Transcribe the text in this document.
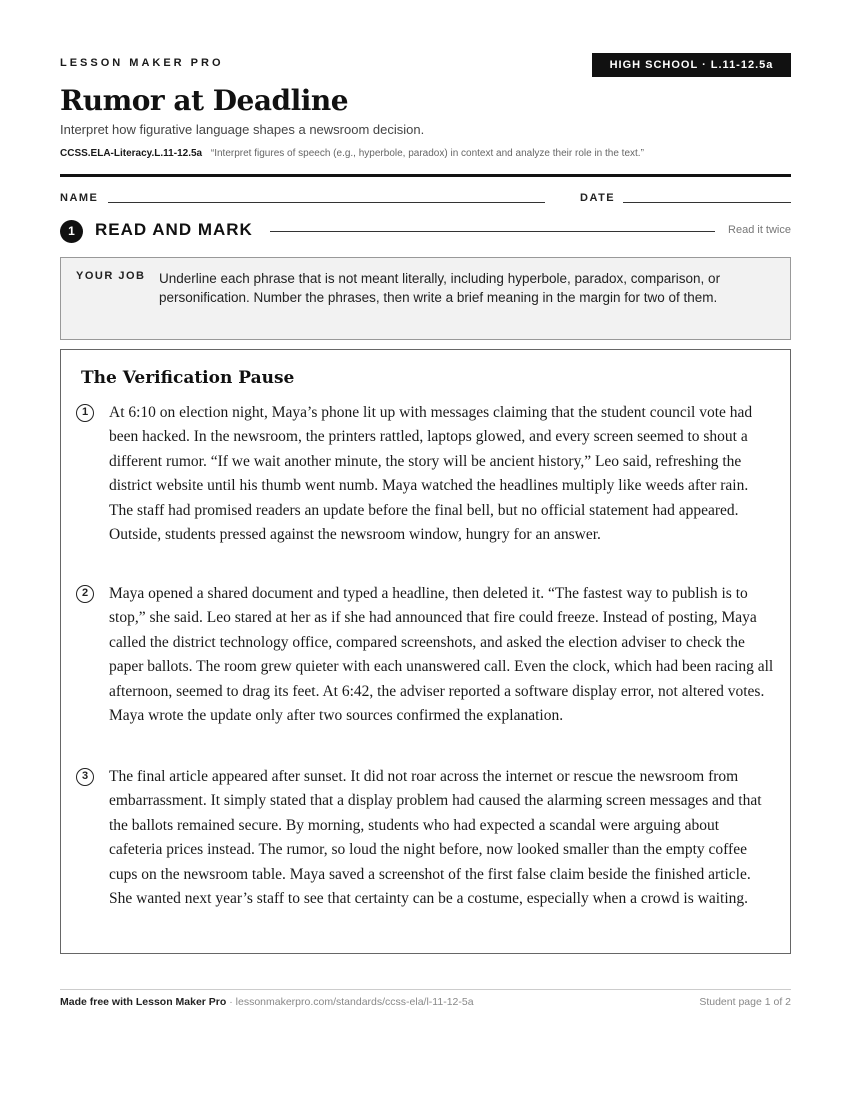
LESSON MAKER PRO	HIGH SCHOOL · L.11-12.5a
Rumor at Deadline
Interpret how figurative language shapes a newsroom decision.
CCSS.ELA-Literacy.L.11-12.5a “Interpret figures of speech (e.g., hyperbole, paradox) in context and analyze their role in the text.”
NAME	DATE
1	READ AND MARK	Read it twice
YOUR JOB Underline each phrase that is not meant literally, including hyperbole, paradox, comparison, or personification. Number the phrases, then write a brief meaning in the margin for two of them.
The Verification Pause
1	At 6:10 on election night, Maya’s phone lit up with messages claiming that the student council vote had been hacked. In the newsroom, the printers rattled, laptops glowed, and every screen seemed to shout a different rumor. “If we wait another minute, the story will be ancient history,” Leo said, refreshing the district website until his thumb went numb. Maya watched the headlines multiply like weeds after rain. The staff had promised readers an update before the final bell, but no official statement had appeared. Outside, students pressed against the newsroom window, hungry for an answer.
2	Maya opened a shared document and typed a headline, then deleted it. “The fastest way to publish is to stop,” she said. Leo stared at her as if she had announced that fire could freeze. Instead of posting, Maya called the district technology office, compared screenshots, and asked the election adviser to check the paper ballots. The room grew quieter with each unanswered call. Even the clock, which had been racing all afternoon, seemed to drag its feet. At 6:42, the adviser reported a software display error, not altered votes. Maya wrote the update only after two sources confirmed the explanation.
3	The final article appeared after sunset. It did not roar across the internet or rescue the newsroom from embarrassment. It simply stated that a display problem had caused the alarming screen messages and that the ballots remained secure. By morning, students who had expected a scandal were arguing about cafeteria prices instead. The rumor, so loud the night before, now looked smaller than the empty coffee cups on the newsroom table. Maya saved a screenshot of the first false claim beside the finished article. She wanted next year’s staff to see that certainty can be a costume, especially when a crowd is waiting.
Made free with Lesson Maker Pro · lessonmakerpro.com/standards/ccss-ela/l-11-12-5a	Student page 1 of 2
